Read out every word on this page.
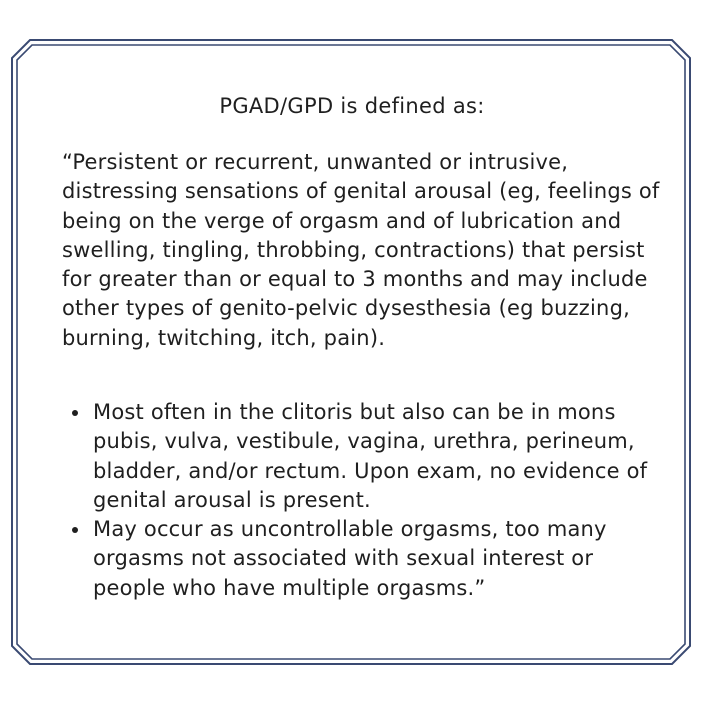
PGAD/GPD is defined as:

“Persistent or recurrent, unwanted or intrusive, distressing sensations of genital arousal (eg, feelings of being on the verge of orgasm and of lubrication and swelling, tingling, throbbing, contractions) that persist for greater than or equal to 3 months and may include other types of genito-pelvic dysesthesia (eg buzzing, burning, twitching, itch, pain).

Most often in the clitoris but also can be in mons pubis, vulva, vestibule, vagina, urethra, perineum, bladder, and/or rectum. Upon exam, no evidence of genital arousal is present.
May occur as uncontrollable orgasms, too many orgasms not associated with sexual interest or people who have multiple orgasms.”
